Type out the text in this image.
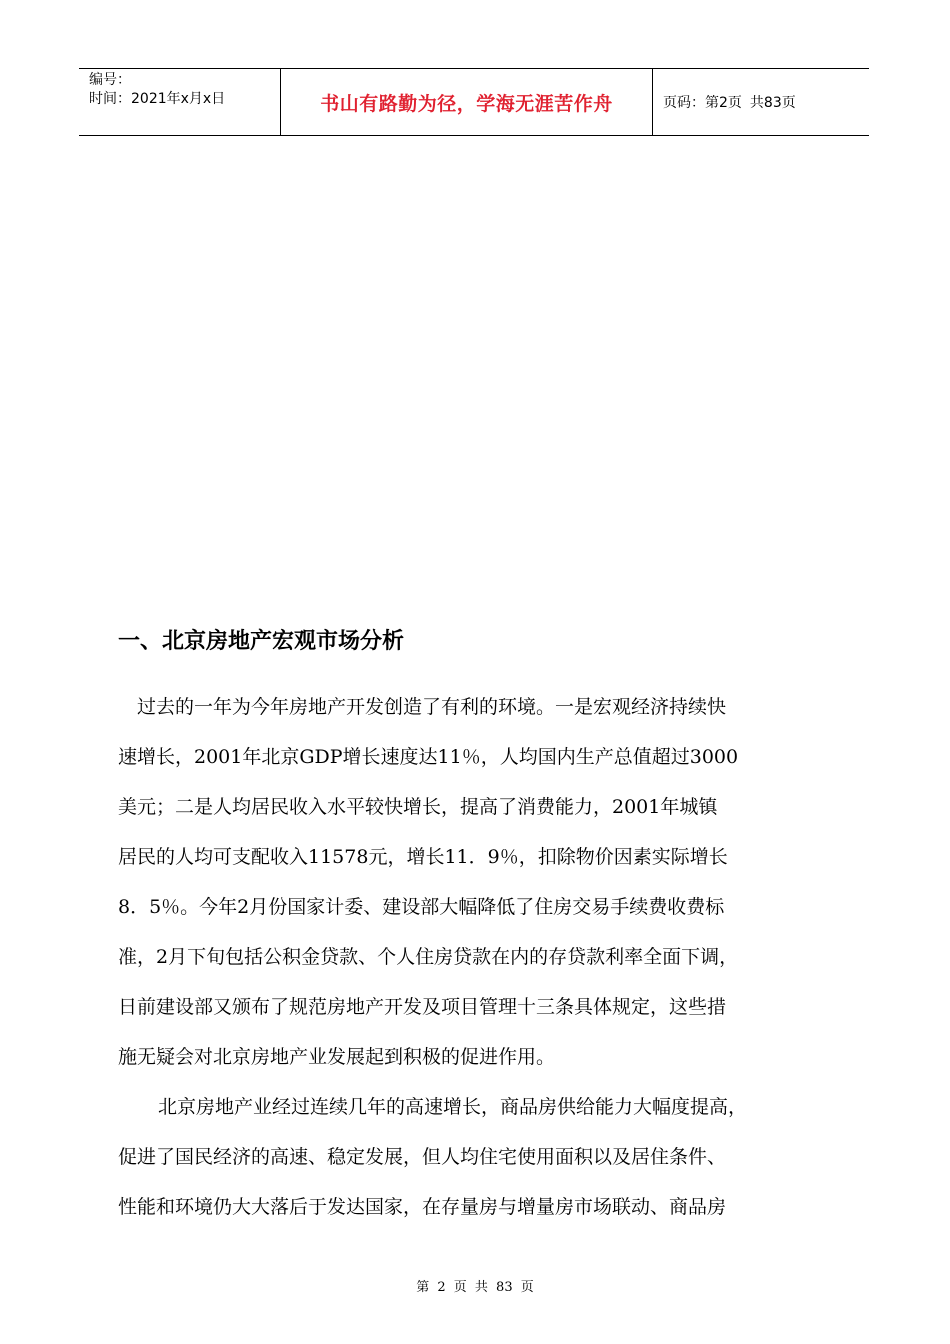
编号：
时间：2021年x月x日	书山有路勤为径，学海无涯苦作舟	页码：第2页 共83页
一、北京房地产宏观市场分析

过去的一年为今年房地产开发创造了有利的环境。一是宏观经济持续快

速增长，2001年北京GDP增长速度达11％，人均国内生产总值超过3000

美元；二是人均居民收入水平较快增长，提高了消费能力，2001年城镇

居民的人均可支配收入11578元，增长11．9％，扣除物价因素实际增长

8．5％。今年2月份国家计委、建设部大幅降低了住房交易手续费收费标

准，2月下旬包括公积金贷款、个人住房贷款在内的存贷款利率全面下调，

日前建设部又颁布了规范房地产开发及项目管理十三条具体规定，这些措

施无疑会对北京房地产业发展起到积极的促进作用。

北京房地产业经过连续几年的高速增长，商品房供给能力大幅度提高，

促进了国民经济的高速、稳定发展，但人均住宅使用面积以及居住条件、

性能和环境仍大大落后于发达国家，在存量房与增量房市场联动、商品房

第 2 页 共 83 页
